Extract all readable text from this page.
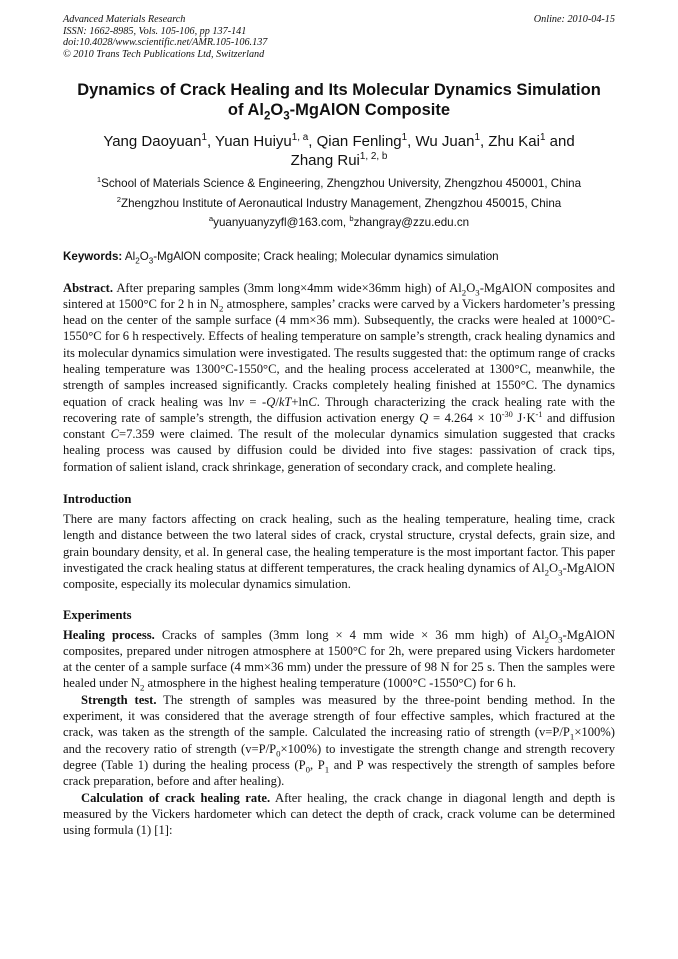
Advanced Materials Research
ISSN: 1662-8985, Vols. 105-106, pp 137-141
doi:10.4028/www.scientific.net/AMR.105-106.137
© 2010 Trans Tech Publications Ltd, Switzerland
Online: 2010-04-15
Dynamics of Crack Healing and Its Molecular Dynamics Simulation
of $Al_2O_3$-MgAlON Composite
Yang Daoyuan$^1$, Yuan Huiyu$^{1, a}$, Qian Fenling$^1$, Wu Juan$^1$, Zhu Kai$^1$ and
Zhang Rui$^{1, 2, b}$
$^1$School of Materials Science & Engineering, Zhengzhou University, Zhengzhou 450001, China
$^2$Zhengzhou Institute of Aeronautical Industry Management, Zhengzhou 450015, China
$^a$yuanyuanyzyfl@163.com, $^b$zhangray@zzu.edu.cn
Keywords: $Al_2O_3$-MgAlON composite; Crack healing; Molecular dynamics simulation
Abstract. After preparing samples (3mm long×4mm wide×36mm high) of $Al_2O_3$-MgAlON composites and sintered at 1500°C for 2 h in $N_2$ atmosphere, samples’ cracks were carved by a Vickers hardometer’s pressing head on the center of the sample surface (4 mm×36 mm). Subsequently, the cracks were healed at 1000°C-1550°C for 6 h respectively. Effects of healing temperature on sample’s strength, crack healing dynamics and its molecular dynamics simulation were investigated. The results suggested that: the optimum range of cracks healing temperature was 1300°C-1550°C, and the healing process accelerated at 1300°C, meanwhile, the strength of samples increased significantly. Cracks completely healing finished at 1550°C. The dynamics equation of crack healing was lnv = -Q/kT+lnC. Through characterizing the crack healing rate with the recovering rate of sample’s strength, the diffusion activation energy $Q = 4.264 \times 10^{-30}$ $J\cdot K^{-1}$ and diffusion constant C=7.359 were claimed. The result of the molecular dynamics simulation suggested that cracks healing process was caused by diffusion could be divided into five stages: passivation of crack tips, formation of salient island, crack shrinkage, generation of secondary crack, and complete healing.
Introduction
There are many factors affecting on crack healing, such as the healing temperature, healing time, crack length and distance between the two lateral sides of crack, crystal structure, crystal defects, grain size, and grain boundary density, et al. In general case, the healing temperature is the most important factor. This paper investigated the crack healing status at different temperatures, the crack healing dynamics of $Al_2O_3$-MgAlON composite, especially its molecular dynamics simulation.
Experiments
Healing process. Cracks of samples (3mm long × 4 mm wide × 36 mm high) of $Al_2O_3$-MgAlON composites, prepared under nitrogen atmosphere at 1500°C for 2h, were prepared using Vickers hardometer at the center of a sample surface (4 mm×36 mm) under the pressure of 98 N for 25 s. Then the samples were healed under $N_2$ atmosphere in the highest healing temperature (1000°C -1550°C) for 6 h.
Strength test. The strength of samples was measured by the three-point bending method. In the experiment, it was considered that the average strength of four effective samples, which fractured at the crack, was taken as the strength of the sample. Calculated the increasing ratio of strength $(v=P/P_1\times 100\%)$ and the recovery ratio of strength $(v=P/P_0\times 100\%)$ to investigate the strength change and strength recovery degree (Table 1) during the healing process ($P_0$, $P_1$ and P was respectively the strength of samples before crack preparation, before and after healing).
Calculation of crack healing rate. After healing, the crack change in diagonal length and depth is measured by the Vickers hardometer which can detect the depth of crack, crack volume can be determined using formula (1) [1]:
